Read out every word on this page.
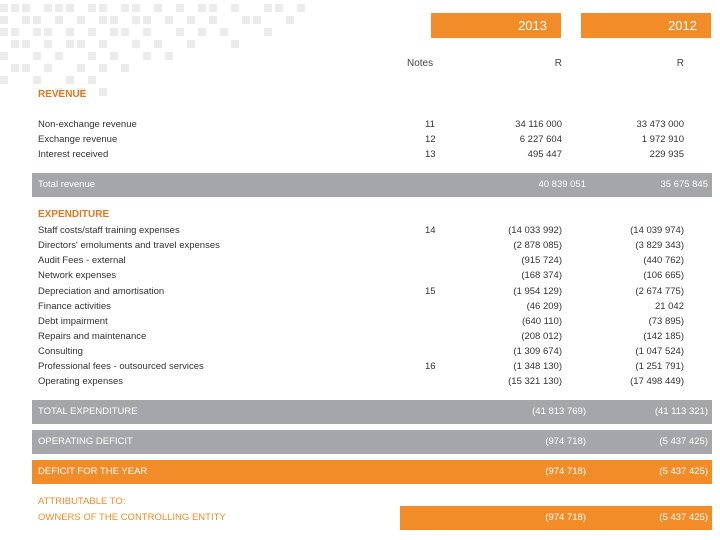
2013	2012
Notes	R	R
REVENUE
Non-exchange revenue	11	34 116 000	33 473 000
Exchange revenue	12	6 227 604	1 972 910
Interest received	13	495 447	229 935
Total revenue	40 839 051	35 675 845
EXPENDITURE
Staff costs/staff training expenses	14	(14 033 992)	(14 039 974)
Directors' emoluments and travel expenses	(2 878 085)	(3 829 343)
Audit Fees - external	(915 724)	(440 762)
Network expenses	(168 374)	(106 665)
Depreciation and amortisation	15	(1 954 129)	(2 674 775)
Finance activities	(46 209)	21 042
Debt impairment	(640 110)	(73 895)
Repairs and maintenance	(208 012)	(142 185)
Consulting	(1 309 674)	(1 047 524)
Professional fees - outsourced services	16	(1 348 130)	(1 251 791)
Operating expenses	(15 321 130)	(17 498 449)
TOTAL EXPENDITURE	(41 813 769)	(41 113 321)
OPERATING DEFICIT	(974 718)	(5 437 425)
DEFICIT FOR THE YEAR	(974 718)	(5 437 425)
ATTRIBUTABLE TO:
OWNERS OF THE CONTROLLING ENTITY	(974 718)	(5 437 425)
